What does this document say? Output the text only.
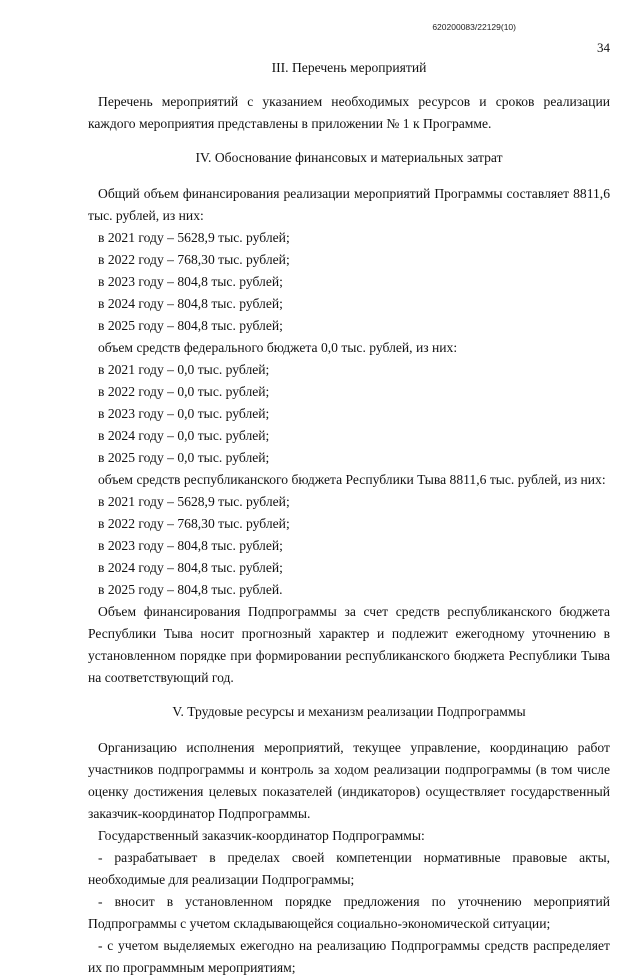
620200083/22129(10)
34
III. Перечень мероприятий

Перечень мероприятий с указанием необходимых ресурсов и сроков реализации каждого мероприятия представлены в приложении № 1 к Программе.

IV. Обоснование финансовых и материальных затрат

Общий объем финансирования реализации мероприятий Программы составляет 8811,6 тыс. рублей, из них:

в 2021 году – 5628,9 тыс. рублей;
в 2022 году – 768,30 тыс. рублей;
в 2023 году – 804,8 тыс. рублей;
в 2024 году – 804,8 тыс. рублей;
в 2025 году – 804,8 тыс. рублей;
объем средств федерального бюджета 0,0 тыс. рублей, из них:
в 2021 году – 0,0 тыс. рублей;
в 2022 году – 0,0 тыс. рублей;
в 2023 году – 0,0 тыс. рублей;
в 2024 году – 0,0 тыс. рублей;
в 2025 году – 0,0 тыс. рублей;

объем средств республиканского бюджета Республики Тыва 8811,6 тыс. рублей, из них:

в 2021 году – 5628,9 тыс. рублей;
в 2022 году – 768,30 тыс. рублей;
в 2023 году – 804,8 тыс. рублей;
в 2024 году – 804,8 тыс. рублей;
в 2025 году – 804,8 тыс. рублей.

Объем финансирования Подпрограммы за счет средств республиканского бюджета Республики Тыва носит прогнозный характер и подлежит ежегодному уточнению в установленном порядке при формировании республиканского бюджета Республики Тыва на соответствующий год.

V. Трудовые ресурсы и механизм реализации Подпрограммы

Организацию исполнения мероприятий, текущее управление, координацию работ участников подпрограммы и контроль за ходом реализации подпрограммы (в том числе оценку достижения целевых показателей (индикаторов) осуществляет государственный заказчик-координатор Подпрограммы.

Государственный заказчик-координатор Подпрограммы:

- разрабатывает в пределах своей компетенции нормативные правовые акты, необходимые для реализации Подпрограммы;

- вносит в установленном порядке предложения по уточнению мероприятий Подпрограммы с учетом складывающейся социально-экономической ситуации;

- с учетом выделяемых ежегодно на реализацию Подпрограммы средств распределяет их по программным мероприятиям;
